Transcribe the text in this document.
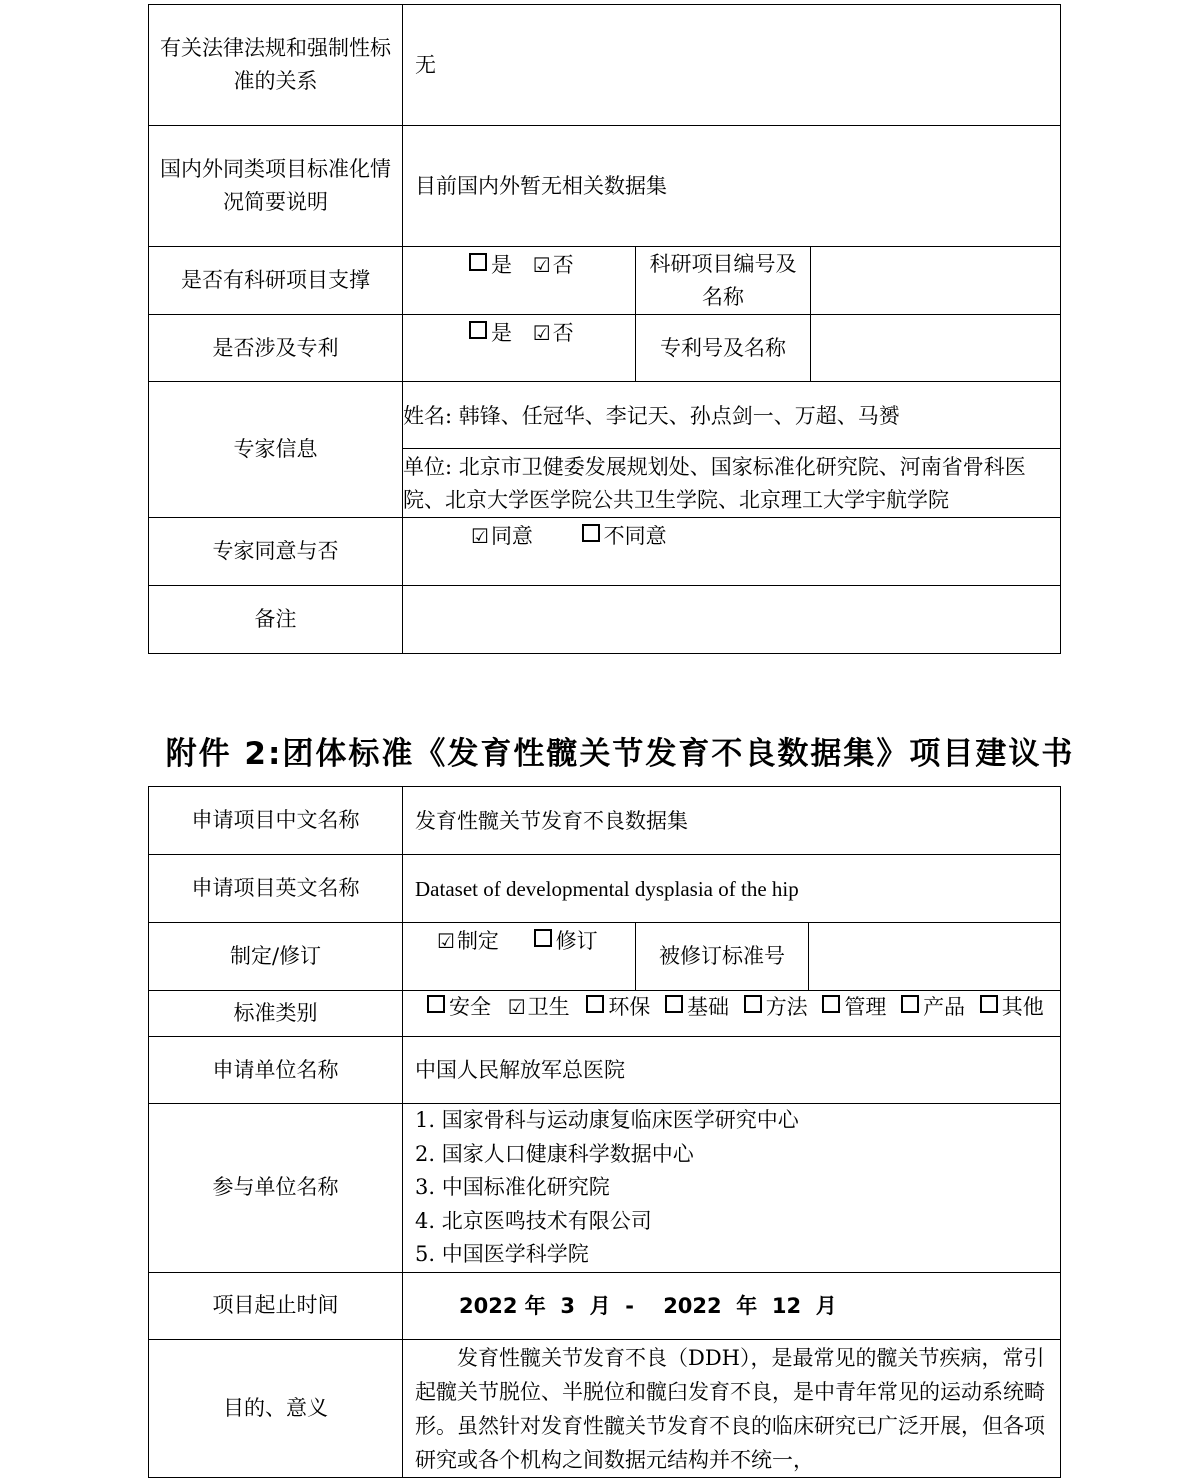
有关法律法规和强制性标准的关系	无		
国内外同类项目标准化情况简要说明	目前国内外暂无相关数据集		
是否有科研项目支撑	是 ☑否	科研项目编号及名称	
是否涉及专利	是 ☑否	专利号及名称	
专家信息	姓名: 韩锋、任冠华、李记天、孙点剑一、万超、马赟
单位: 北京市卫健委发展规划处、国家标准化研究院、河南省骨科医院、北京大学医学院公共卫生学院、北京理工大学宇航学院		

专家同意与否	☑同意 不同意		
备注			
附件 2:团体标准《发育性髋关节发育不良数据集》项目建议书
申请项目中文名称	发育性髋关节发育不良数据集		
申请项目英文名称	Dataset of developmental dysplasia of the hip		
制定/修订	☑制定 修订	被修订标准号	
标准类别	安全 ☑卫生 环保 基础 方法 管理 产品 其他		
申请单位名称	中国人民解放军总医院		
参与单位名称	1. 国家骨科与运动康复临床医学研究中心
2. 国家人口健康科学数据中心
3. 中国标准化研究院
4. 北京医鸣技术有限公司
5. 中国医学科学院		

项目起止时间	2022 年  3  月  -    2022  年  12  月		
目的、意义	发育性髋关节发育不良（DDH），是最常见的髋关节疾病，常引起髋关节脱位、半脱位和髋臼发育不良，是中青年常见的运动系统畸形。虽然针对发育性髋关节发育不良的临床研究已广泛开展，但各项研究或各个机构之间数据元结构并不统一，		
